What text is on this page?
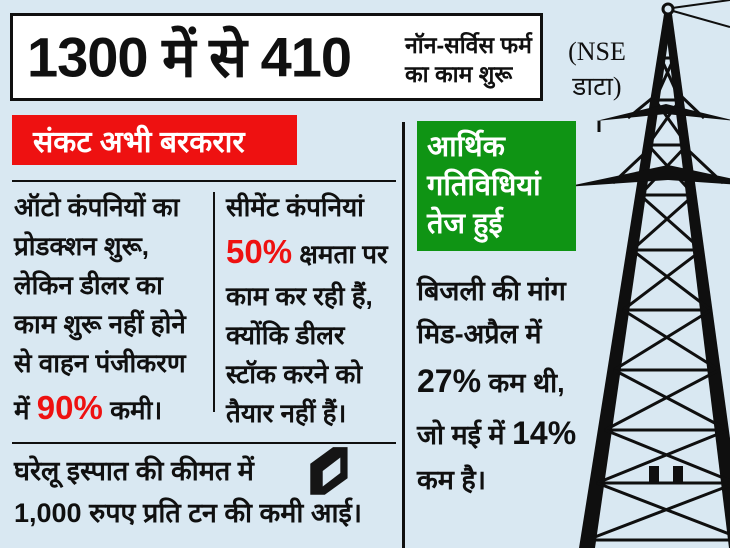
1300 में से 410 नॉन-सर्विस फर्म का काम शुरू
(NSE डाटा)
संकट अभी बरकरार
ऑटो कंपनियों का प्रोडक्शन शुरू, लेकिन डीलर का काम शुरू नहीं होने से वाहन पंजीकरण में 90% कमी।
सीमेंट कंपनियां 50% क्षमता पर काम कर रही हैं, क्योंकि डीलर स्टॉक करने को तैयार नहीं हैं।
घरेलू इस्पात की कीमत में
1,000 रुपए प्रति टन की कमी आई।
आर्थिक गतिविधियां तेज हुई
बिजली की मांग मिड-अप्रैल में 27% कम थी, जो मई में 14% कम है।
